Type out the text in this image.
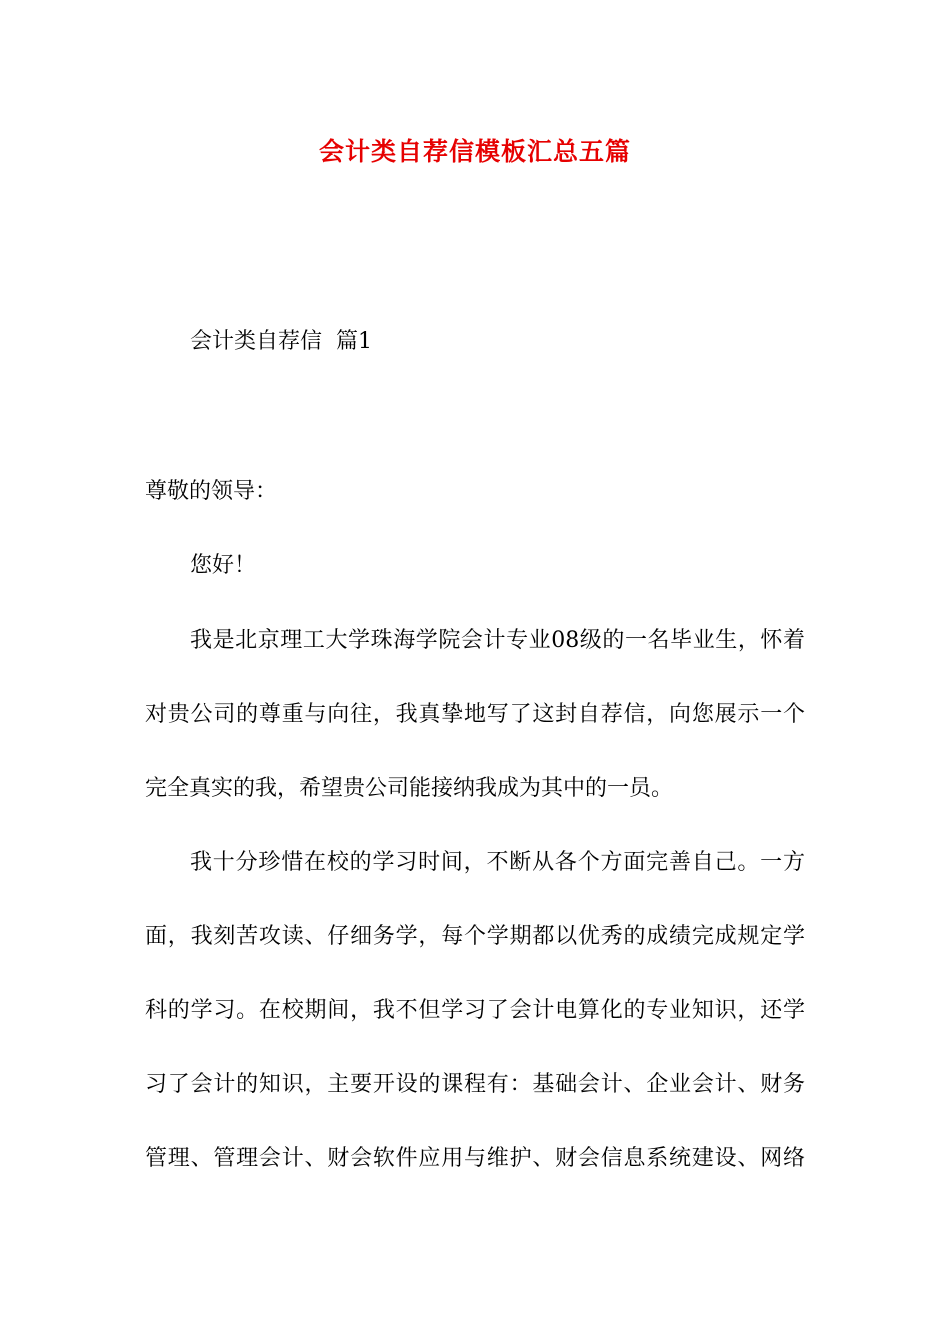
会计类自荐信模板汇总五篇
会计类自荐信  篇1
尊敬的领导：
您好！
我是北京理工大学珠海学院会计专业08级的一名毕业生，怀着
对贵公司的尊重与向往，我真挚地写了这封自荐信，向您展示一个
完全真实的我，希望贵公司能接纳我成为其中的一员。
我十分珍惜在校的学习时间，不断从各个方面完善自己。一方
面，我刻苦攻读、仔细务学，每个学期都以优秀的成绩完成规定学
科的学习。在校期间，我不但学习了会计电算化的专业知识，还学
习了会计的知识，主要开设的课程有：基础会计、企业会计、财务
管理、管理会计、财会软件应用与维护、财会信息系统建设、网络
